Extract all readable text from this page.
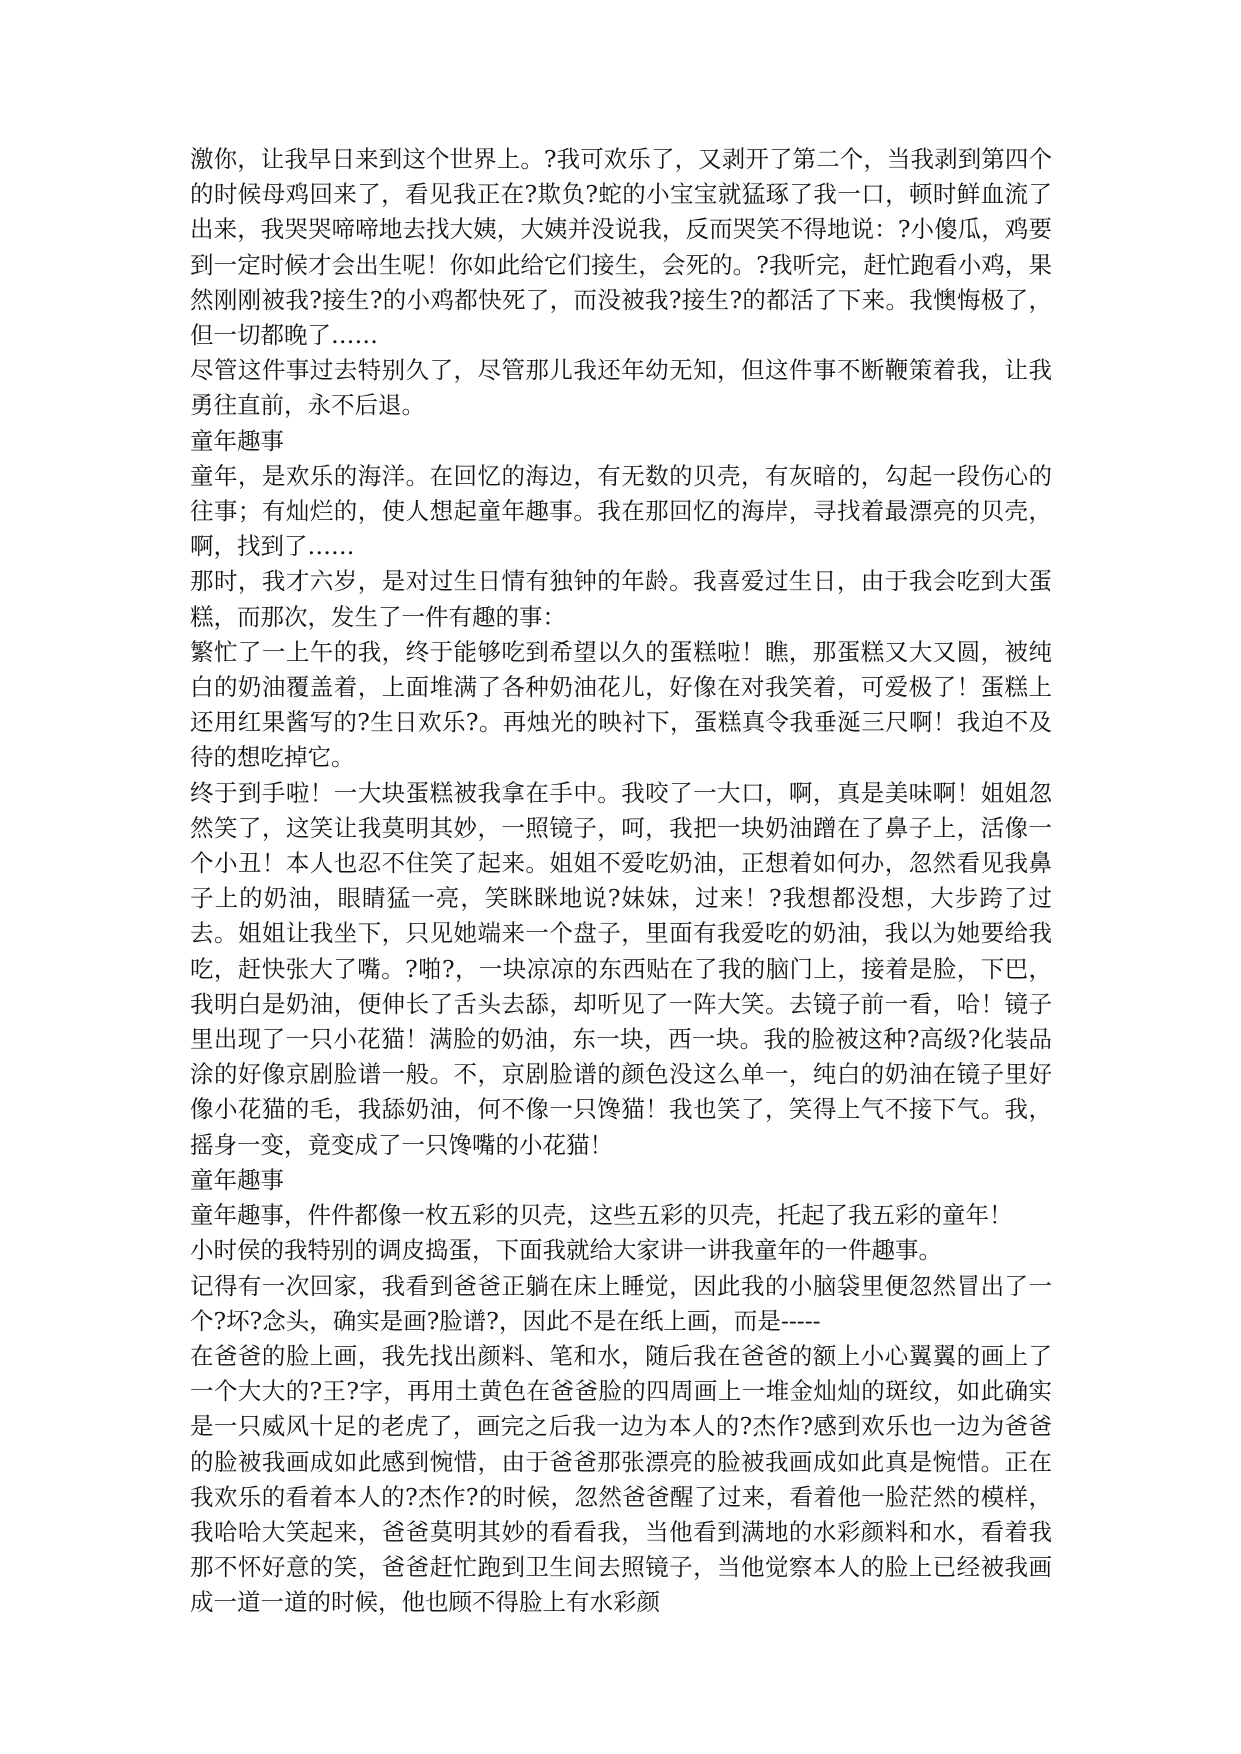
激你，让我早日来到这个世界上。?我可欢乐了，又剥开了第二个，当我剥到第四个的时候母鸡回来了，看见我正在?欺负?蛇的小宝宝就猛琢了我一口，顿时鲜血流了出来，我哭哭啼啼地去找大姨，大姨并没说我，反而哭笑不得地说：?小傻瓜，鸡要到一定时候才会出生呢！你如此给它们接生，会死的。?我听完，赶忙跑看小鸡，果然刚刚被我?接生?的小鸡都快死了，而没被我?接生?的都活了下来。我懊悔极了，但一切都晚了……

尽管这件事过去特别久了，尽管那儿我还年幼无知，但这件事不断鞭策着我，让我勇往直前，永不后退。

童年趣事

童年，是欢乐的海洋。在回忆的海边，有无数的贝壳，有灰暗的，勾起一段伤心的往事；有灿烂的，使人想起童年趣事。我在那回忆的海岸，寻找着最漂亮的贝壳，啊，找到了……

那时，我才六岁，是对过生日情有独钟的年龄。我喜爱过生日，由于我会吃到大蛋糕，而那次，发生了一件有趣的事：

繁忙了一上午的我，终于能够吃到希望以久的蛋糕啦！瞧，那蛋糕又大又圆，被纯白的奶油覆盖着，上面堆满了各种奶油花儿，好像在对我笑着，可爱极了！蛋糕上还用红果酱写的?生日欢乐?。再烛光的映衬下，蛋糕真令我垂涎三尺啊！我迫不及待的想吃掉它。

终于到手啦！一大块蛋糕被我拿在手中。我咬了一大口，啊，真是美味啊！姐姐忽然笑了，这笑让我莫明其妙，一照镜子，呵，我把一块奶油蹭在了鼻子上，活像一个小丑！本人也忍不住笑了起来。姐姐不爱吃奶油，正想着如何办，忽然看见我鼻子上的奶油，眼睛猛一亮，笑眯眯地说?妹妹，过来！?我想都没想，大步跨了过去。姐姐让我坐下，只见她端来一个盘子，里面有我爱吃的奶油，我以为她要给我吃，赶快张大了嘴。?啪?，一块凉凉的东西贴在了我的脑门上，接着是脸，下巴，我明白是奶油，便伸长了舌头去舔，却听见了一阵大笑。去镜子前一看，哈！镜子里出现了一只小花猫！满脸的奶油，东一块，西一块。我的脸被这种?高级?化装品涂的好像京剧脸谱一般。不，京剧脸谱的颜色没这么单一，纯白的奶油在镜子里好像小花猫的毛，我舔奶油，何不像一只馋猫！我也笑了，笑得上气不接下气。我，摇身一变，竟变成了一只馋嘴的小花猫！

童年趣事

童年趣事，件件都像一枚五彩的贝壳，这些五彩的贝壳，托起了我五彩的童年！

小时侯的我特别的调皮捣蛋，下面我就给大家讲一讲我童年的一件趣事。

记得有一次回家，我看到爸爸正躺在床上睡觉，因此我的小脑袋里便忽然冒出了一个?坏?念头，确实是画?脸谱?，因此不是在纸上画，而是-----

在爸爸的脸上画，我先找出颜料、笔和水，随后我在爸爸的额上小心翼翼的画上了一个大大的?王?字，再用土黄色在爸爸脸的四周画上一堆金灿灿的斑纹，如此确实是一只威风十足的老虎了，画完之后我一边为本人的?杰作?感到欢乐也一边为爸爸的脸被我画成如此感到惋惜，由于爸爸那张漂亮的脸被我画成如此真是惋惜。正在我欢乐的看着本人的?杰作?的时候，忽然爸爸醒了过来，看着他一脸茫然的模样，我哈哈大笑起来，爸爸莫明其妙的看看我，当他看到满地的水彩颜料和水，看着我那不怀好意的笑，爸爸赶忙跑到卫生间去照镜子，当他觉察本人的脸上已经被我画成一道一道的时候，他也顾不得脸上有水彩颜
